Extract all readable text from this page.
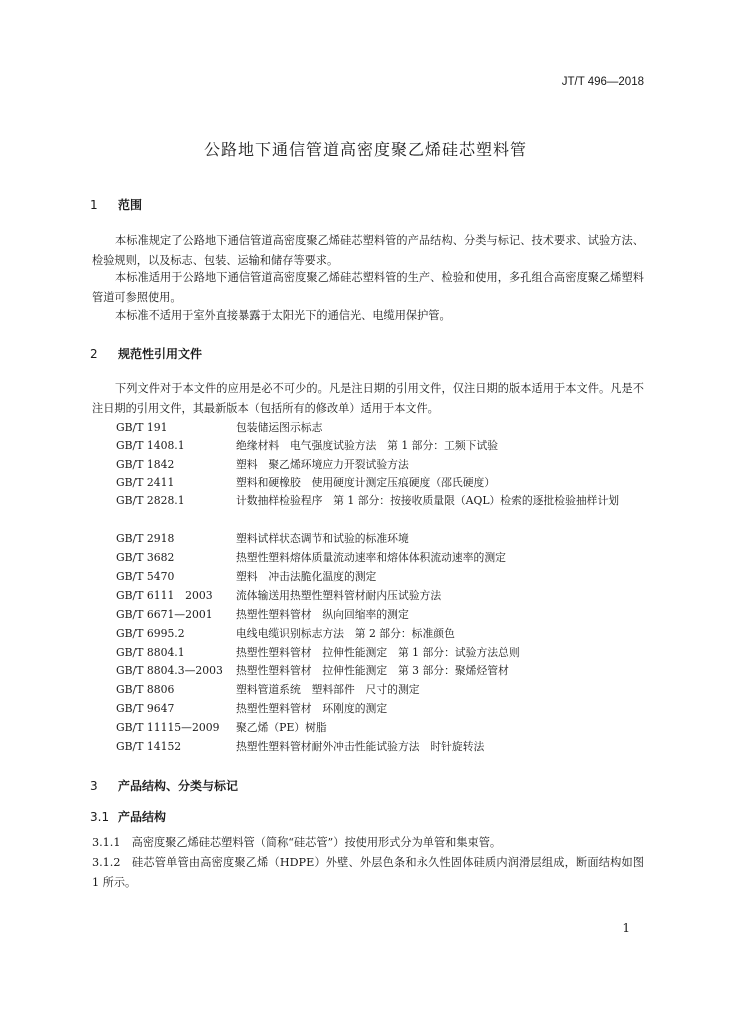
JT/T 496—2018
公路地下通信管道高密度聚乙烯硅芯塑料管
1 范围
本标准规定了公路地下通信管道高密度聚乙烯硅芯塑料管的产品结构、分类与标记、技术要求、试验方法、检验规则，以及标志、包装、运输和储存等要求。
本标准适用于公路地下通信管道高密度聚乙烯硅芯塑料管的生产、检验和使用，多孔组合高密度聚乙烯塑料管道可参照使用。
本标准不适用于室外直接暴露于太阳光下的通信光、电缆用保护管。
2 规范性引用文件
下列文件对于本文件的应用是必不可少的。凡是注日期的引用文件，仅注日期的版本适用于本文件。凡是不注日期的引用文件，其最新版本（包括所有的修改单）适用于本文件。
GB/T 191	包装储运图示标志
GB/T 1408.1	绝缘材料　电气强度试验方法　第 1 部分：工频下试验
GB/T 1842	塑料　聚乙烯环境应力开裂试验方法
GB/T 2411	塑料和硬橡胶　使用硬度计测定压痕硬度（邵氏硬度）
GB/T 2828.1	计数抽样检验程序　第 1 部分：按接收质量限（AQL）检索的逐批检验抽样计划
GB/T 2918	塑料试样状态调节和试验的标准环境
GB/T 3682	热塑性塑料熔体质量流动速率和熔体体积流动速率的测定
GB/T 5470	塑料　冲击法脆化温度的测定
GB/T 6111　2003 流体输送用热塑性塑料管材耐内压试验方法
GB/T 6671—2001 热塑性塑料管材　纵向回缩率的测定
GB/T 6995.2	电线电缆识别标志方法　第 2 部分：标准颜色
GB/T 8804.1	热塑性塑料管材　拉伸性能测定　第 1 部分：试验方法总则
GB/T 8804.3—2003 热塑性塑料管材　拉伸性能测定　第 3 部分：聚烯烃管材
GB/T 8806	塑料管道系统　塑料部件　尺寸的测定
GB/T 9647	热塑性塑料管材　环刚度的测定
GB/T 11115—2009 聚乙烯（PE）树脂
GB/T 14152	热塑性塑料管材耐外冲击性能试验方法　时针旋转法
3 产品结构、分类与标记
3.1 产品结构
3.1.1　高密度聚乙烯硅芯塑料管（简称“硅芯管”）按使用形式分为单管和集束管。
3.1.2　硅芯管单管由高密度聚乙烯（HDPE）外壁、外层色条和永久性固体硅质内润滑层组成，断面结构如图 1 所示。
1
